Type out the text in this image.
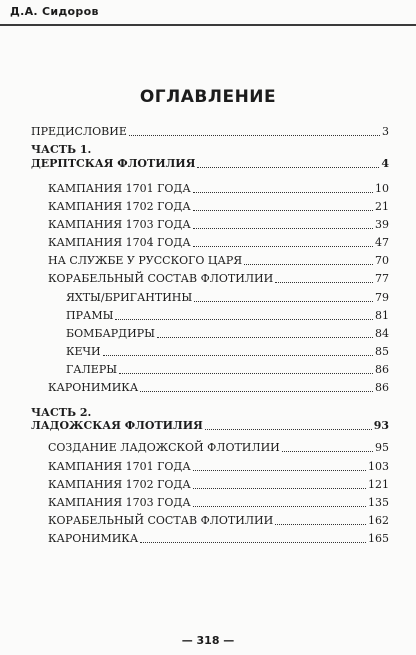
Д.А. Сидоров
ОГЛАВЛЕНИЕ
ПРЕДИСЛОВИЕ	3
ЧАСТЬ 1.
ДЕРПТСКАЯ ФЛОТИЛИЯ	4
КАМПАНИЯ 1701 ГОДА	10
КАМПАНИЯ 1702 ГОДА	21
КАМПАНИЯ 1703 ГОДА	39
КАМПАНИЯ 1704 ГОДА	47
НА СЛУЖБЕ У РУССКОГО ЦАРЯ	70
КОРАБЕЛЬНЫЙ СОСТАВ ФЛОТИЛИИ	77
ЯХТЫ/БРИГАНТИНЫ	79
ПРАМЫ	81
БОМБАРДИРЫ	84
КЕЧИ	85
ГАЛЕРЫ	86
КАРОНИМИКА	86
ЧАСТЬ 2.
ЛАДОЖСКАЯ ФЛОТИЛИЯ	93
СОЗДАНИЕ ЛАДОЖСКОЙ ФЛОТИЛИИ	95
КАМПАНИЯ 1701 ГОДА	103
КАМПАНИЯ 1702 ГОДА	121
КАМПАНИЯ 1703 ГОДА	135
КОРАБЕЛЬНЫЙ СОСТАВ ФЛОТИЛИИ	162
КАРОНИМИКА	165
— 318 —
